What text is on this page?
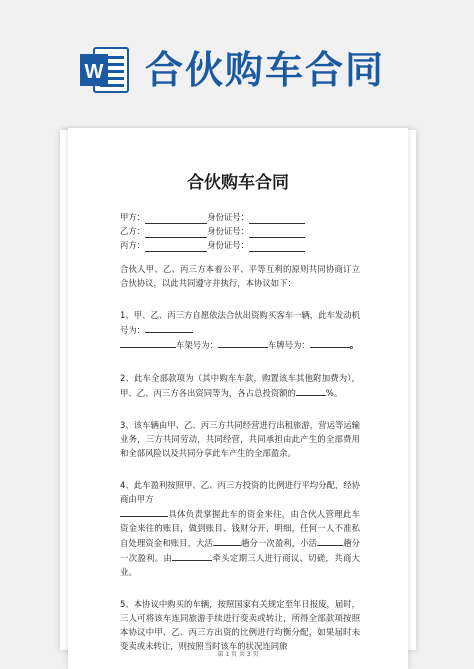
W 合伙购车合同
合伙购车合同
甲方：	身份证号：
乙方：	身份证号：
丙方：	身份证号：

合伙人甲、乙、丙三方本着公平、平等互利的原则共同协商订立合伙协议，以此共同遵守并执行，本协议如下：

1、甲、乙、丙三方自愿依法合伙出资购买客车一辆，此车发动机号为：
车架号为：	车牌号为：	。

2、此车全部款项为（其中购车车款，购置该车其他附加费为），甲、乙、丙三方各出资同等为，各占总投资额的	%。

3、该车辆由甲、乙、丙三方共同经营进行出租旅游，营运等运输业务，三方共同劳动，共同经营，共同承担由此产生的全部费用和全部风险以及共同分享此车产生的全部盈余。

4、此车盈利按照甲、乙、丙三方投资的比例进行平均分配，经协商由甲方
具体负责掌握此车的资金来往，由合伙人管理此车资金来往的账目，做到账目、钱财分开，明细，任何一人不准私自处理资金和账目，大活	趟分一次盈利，小活	趟分一次盈利。由	牵头定期三人进行商议、切磋，共商大业。

5、本协议中购买的车辆，按照国家有关规定至年日报废，届时，三人可将该车连同旅游手续进行变卖或转让，所得全部款项按照本协议中甲、乙、丙三方出资的比例进行均衡分配，如果届时未变卖或未转让，则按照当时该车的状况连同旅

第 1 页 共 3 页
